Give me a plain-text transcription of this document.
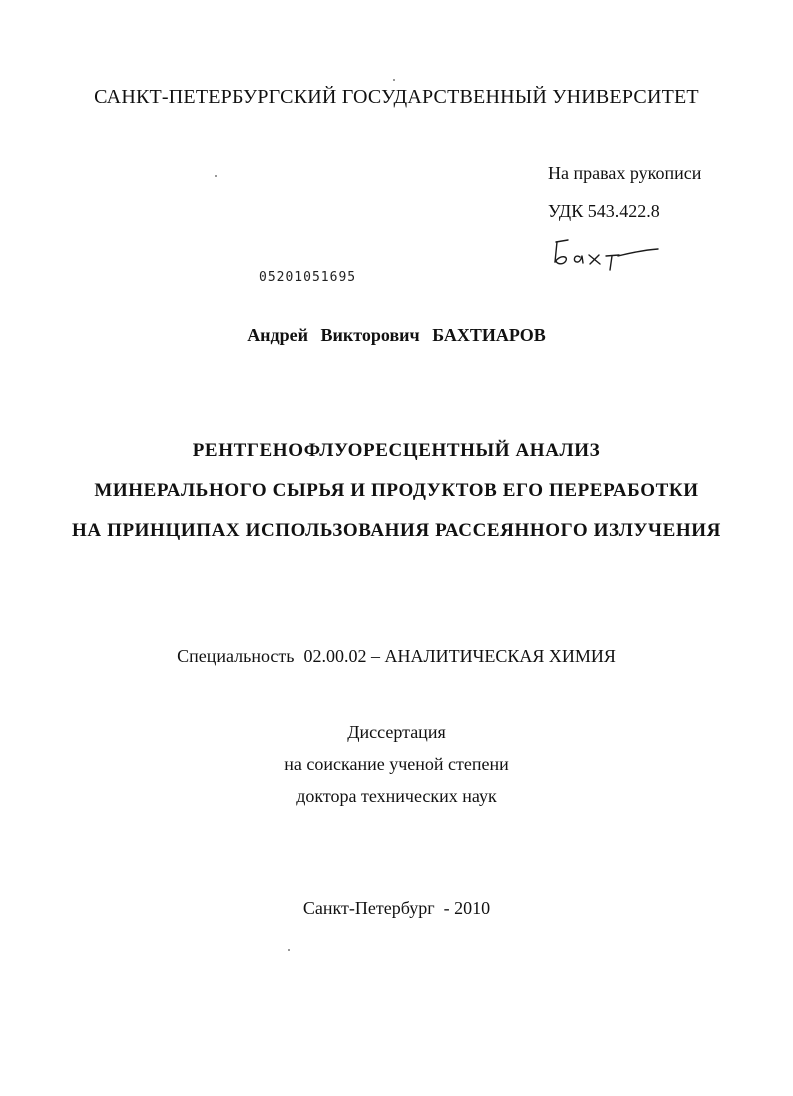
САНКТ-ПЕТЕРБУРГСКИЙ ГОСУДАРСТВЕННЫЙ УНИВЕРСИТЕТ
На правах рукописи
УДК 543.422.8
05201051695
Андрей Викторович БАХТИАРОВ
РЕНТГЕНОФЛУОРЕСЦЕНТНЫЙ АНАЛИЗ
МИНЕРАЛЬНОГО СЫРЬЯ И ПРОДУКТОВ ЕГО ПЕРЕРАБОТКИ
НА ПРИНЦИПАХ ИСПОЛЬЗОВАНИЯ РАССЕЯННОГО ИЗЛУЧЕНИЯ
Специальность  02.00.02 – АНАЛИТИЧЕСКАЯ ХИМИЯ
Диссертация
на соискание ученой степени
доктора технических наук
Санкт-Петербург  - 2010
